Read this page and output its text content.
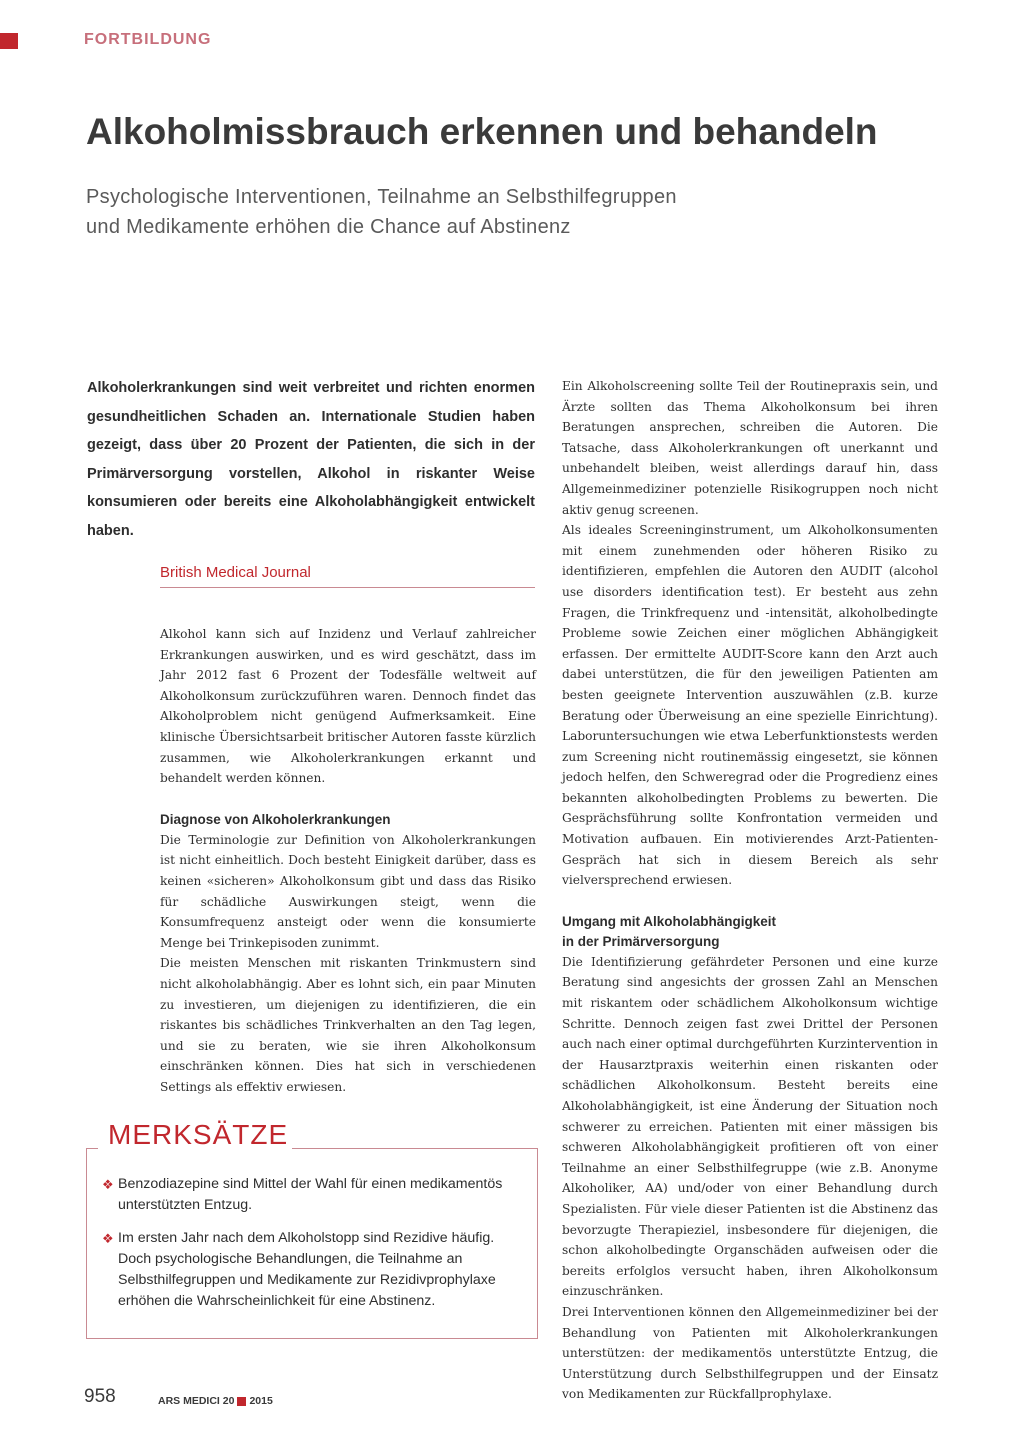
FORTBILDUNG
Alkoholmissbrauch erkennen und behandeln
Psychologische Interventionen, Teilnahme an Selbsthilfegruppen
und Medikamente erhöhen die Chance auf Abstinenz
Alkoholerkrankungen sind weit verbreitet und richten enormen gesundheitlichen Schaden an. Internationale Studien haben gezeigt, dass über 20 Prozent der Patienten, die sich in der Primärversorgung vorstellen, Alkohol in riskanter Weise konsumieren oder bereits eine Alkoholabhängigkeit entwickelt haben.
British Medical Journal

Alkohol kann sich auf Inzidenz und Verlauf zahlreicher Erkrankungen auswirken, und es wird geschätzt, dass im Jahr 2012 fast 6 Prozent der Todesfälle weltweit auf Alkoholkonsum zurückzuführen waren. Dennoch findet das Alkoholproblem nicht genügend Aufmerksamkeit. Eine klinische Übersichtsarbeit britischer Autoren fasste kürzlich zusammen, wie Alkoholerkrankungen erkannt und behandelt werden können.

Diagnose von Alkoholerkrankungen

Die Terminologie zur Definition von Alkoholerkrankungen ist nicht einheitlich. Doch besteht Einigkeit darüber, dass es keinen «sicheren» Alkoholkonsum gibt und dass das Risiko für schädliche Auswirkungen steigt, wenn die Konsumfrequenz ansteigt oder wenn die konsumierte Menge bei Trinkepisoden zunimmt.

Die meisten Menschen mit riskanten Trinkmustern sind nicht alkoholabhängig. Aber es lohnt sich, ein paar Minuten zu investieren, um diejenigen zu identifizieren, die ein riskantes bis schädliches Trinkverhalten an den Tag legen, und sie zu beraten, wie sie ihren Alkoholkonsum einschränken können. Dies hat sich in verschiedenen Settings als effektiv erwiesen.

Ein Alkoholscreening sollte Teil der Routinepraxis sein, und Ärzte sollten das Thema Alkoholkonsum bei ihren Beratungen ansprechen, schreiben die Autoren. Die Tatsache, dass Alkoholerkrankungen oft unerkannt und unbehandelt bleiben, weist allerdings darauf hin, dass Allgemeinmediziner potenzielle Risikogruppen noch nicht aktiv genug screenen.

Als ideales Screeninginstrument, um Alkoholkonsumenten mit einem zunehmenden oder höheren Risiko zu identifizieren, empfehlen die Autoren den AUDIT (alcohol use disorders identification test). Er besteht aus zehn Fragen, die Trinkfrequenz und -intensität, alkoholbedingte Probleme sowie Zeichen einer möglichen Abhängigkeit erfassen. Der ermittelte AUDIT-Score kann den Arzt auch dabei unterstützen, die für den jeweiligen Patienten am besten geeignete Intervention auszuwählen (z.B. kurze Beratung oder Überweisung an eine spezielle Einrichtung). Laboruntersuchungen wie etwa Leberfunktionstests werden zum Screening nicht routinemässig eingesetzt, sie können jedoch helfen, den Schweregrad oder die Progredienz eines bekannten alkoholbedingten Problems zu bewerten. Die Gesprächsführung sollte Konfrontation vermeiden und Motivation aufbauen. Ein motivierendes Arzt-Patienten-Gespräch hat sich in diesem Bereich als sehr vielversprechend erwiesen.

Umgang mit Alkoholabhängigkeit
in der Primärversorgung

Die Identifizierung gefährdeter Personen und eine kurze Beratung sind angesichts der grossen Zahl an Menschen mit riskantem oder schädlichem Alkoholkonsum wichtige Schritte. Dennoch zeigen fast zwei Drittel der Personen auch nach einer optimal durchgeführten Kurzintervention in der Hausarztpraxis weiterhin einen riskanten oder schädlichen Alkoholkonsum. Besteht bereits eine Alkoholabhängigkeit, ist eine Änderung der Situation noch schwerer zu erreichen. Patienten mit einer mässigen bis schweren Alkoholabhängigkeit profitieren oft von einer Teilnahme an einer Selbsthilfegruppe (wie z.B. Anonyme Alkoholiker, AA) und/oder von einer Behandlung durch Spezialisten. Für viele dieser Patienten ist die Abstinenz das bevorzugte Therapieziel, insbesondere für diejenigen, die schon alkoholbedingte Organschäden aufweisen oder die bereits erfolglos versucht haben, ihren Alkoholkonsum einzuschränken.

Drei Interventionen können den Allgemeinmediziner bei der Behandlung von Patienten mit Alkoholerkrankungen unterstützen: der medikamentös unterstützte Entzug, die Unterstützung durch Selbsthilfegruppen und der Einsatz von Medikamenten zur Rückfallprophylaxe.

MERKSÄTZE
❖ Benzodiazepine sind Mittel der Wahl für einen medikamentös unterstützten Entzug.
❖ Im ersten Jahr nach dem Alkoholstopp sind Rezidive häufig. Doch psychologische Behandlungen, die Teilnahme an Selbsthilfegruppen und Medikamente zur Rezidivprophylaxe erhöhen die Wahrscheinlichkeit für eine Abstinenz.
958	ARS MEDICI 20 2015
